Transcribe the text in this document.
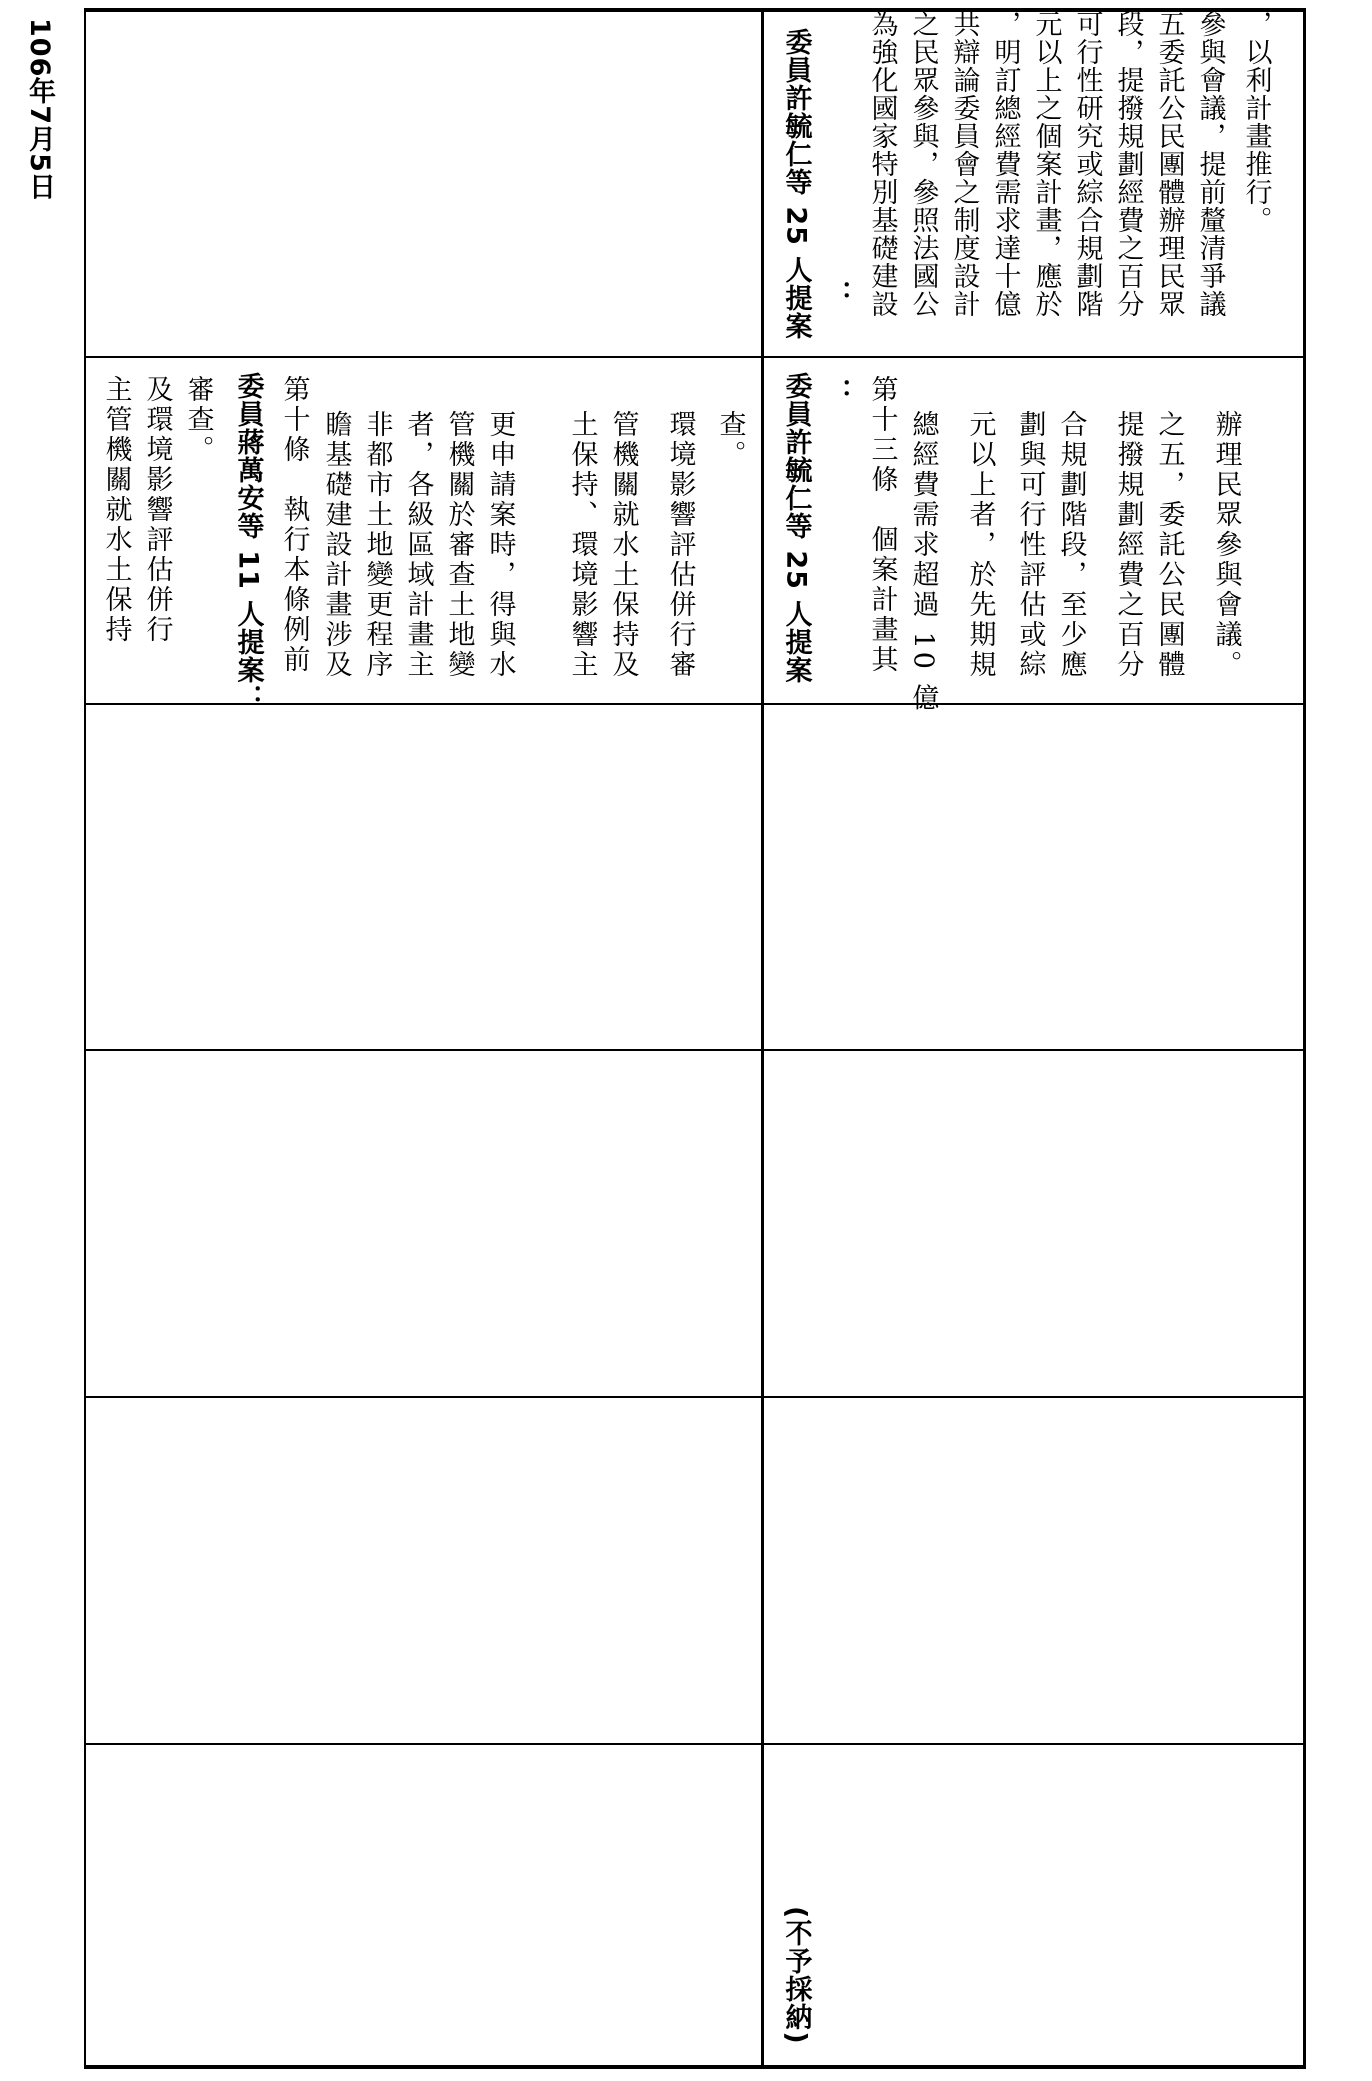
106年7月5日
主管機關就水土保持 及環境影響評估併行 審查。 委員蔣萬安等 11 人提案： 第十條　執行本條例前 瞻基礎建設計畫涉及 非都市土地變更程序 者，各級區域計畫主 管機關於審查土地變 更申請案時，得與水 土保持、環境影響主 管機關就水土保持及 環境影響評估併行審 查。 委員許毓仁等 25 人提案 ： 第十三條　個案計畫其 總經費需求超過 10 億 元以上者，於先期規 劃與可行性評估或綜 合規劃階段，至少應 提撥規劃經費之百分 之五，委託公民團體 辦理民眾參與會議。
委員許毓仁等 25 人提案 ： 為強化國家特別基礎建設 之民眾參與，參照法國公 共辯論委員會之制度設計 ，明訂總經費需求達十億 元以上之個案計畫，應於 可行性研究或綜合規劃階 段，提撥規劃經費之百分 五委託公民團體辦理民眾 參與會議，提前釐清爭議 ，以利計畫推行。
(不予採納)
